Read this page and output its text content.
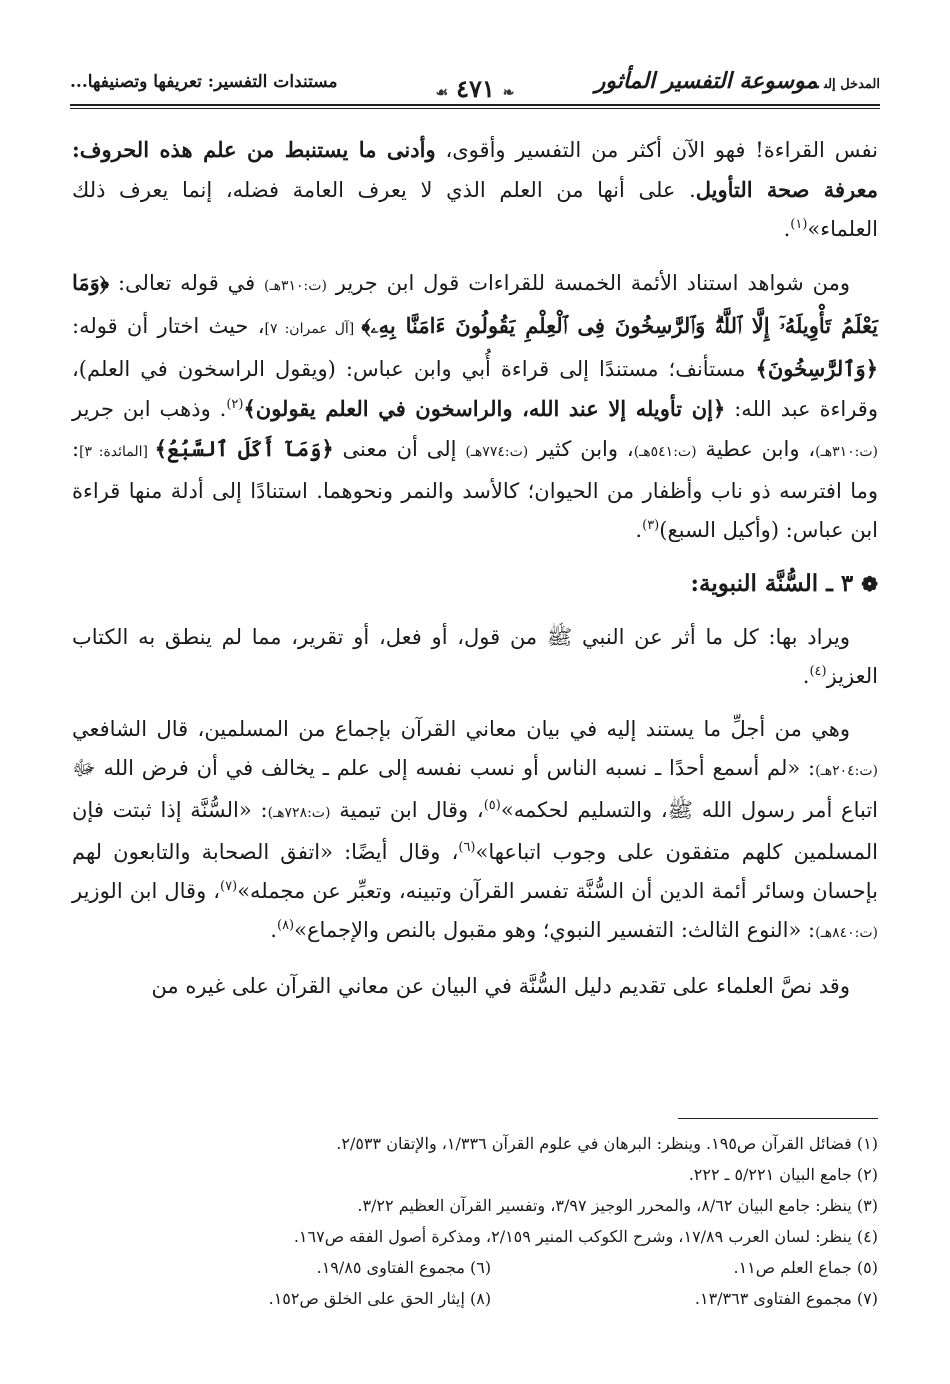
المدخل إلىموسوعة التفسير المأثور
❧٤٧١☙
مستندات التفسير: تعريفها وتصنيفها...

نفس القراءة! فهو الآن أكثر من التفسير وأقوى، وأدنى ما يستنبط من علم هذه الحروف: معرفة صحة التأويل. على أنها من العلم الذي لا يعرف العامة فضله، إنما يعرف ذلك العلماء»$^{(١)}$.

ومن شواهد استناد الأئمة الخمسة للقراءات قول ابن جرير (ت:٣١٠هـ) في قوله تعالى: ﴿وَمَا يَعْلَمُ تَأْوِيلَهُۥٓ إِلَّا ٱللَّهُۗ وَٱلرَّٰسِخُونَ فِى ٱلْعِلْمِ يَقُولُونَ ءَامَنَّا بِهِۦ﴾ [آل عمران: ٧]، حيث اختار أن قوله: ﴿وَٱلرَّٰسِخُونَ﴾ مستأنف؛ مستندًا إلى قراءة أُبي وابن عباس: (ويقول الراسخون في العلم)، وقراءة عبد الله: ﴿إن تأويله إلا عند الله، والراسخون في العلم يقولون﴾$^{(٢)}$. وذهب ابن جرير (ت:٣١٠هـ)، وابن عطية (ت:٥٤١هـ)، وابن كثير (ت:٧٧٤هـ) إلى أن معنى ﴿وَمَآ أَكَلَ ٱلسَّبُعُ﴾ [المائدة: ٣]: وما افترسه ذو ناب وأظفار من الحيوان؛ كالأسد والنمر ونحوهما. استنادًا إلى أدلة منها قراءة ابن عباس: (وأكيل السبع)$^{(٣)}$.

❁٣ ـ السُّنَّة النبوية:

ويراد بها: كل ما أثر عن النبي ﷺ من قول، أو فعل، أو تقرير، مما لم ينطق به الكتاب العزيز$^{(٤)}$.

وهي من أجلِّ ما يستند إليه في بيان معاني القرآن بإجماع من المسلمين، قال الشافعي (ت:٢٠٤هـ): «لم أسمع أحدًا ـ نسبه الناس أو نسب نفسه إلى علم ـ يخالف في أن فرض الله ﷻ اتباع أمر رسول الله ﷺ، والتسليم لحكمه»$^{(٥)}$، وقال ابن تيمية (ت:٧٢٨هـ): «السُّنَّة إذا ثبتت فإن المسلمين كلهم متفقون على وجوب اتباعها»$^{(٦)}$، وقال أيضًا: «اتفق الصحابة والتابعون لهم بإحسان وسائر أئمة الدين أن السُّنَّة تفسر القرآن وتبينه، وتعبِّر عن مجمله»$^{(٧)}$، وقال ابن الوزير (ت:٨٤٠هـ): «النوع الثالث: التفسير النبوي؛ وهو مقبول بالنص والإجماع»$^{(٨)}$.

وقد نصَّ العلماء على تقديم دليل السُّنَّة في البيان عن معاني القرآن على غيره من

(١) فضائل القرآن ص١٩٥. وينظر: البرهان في علوم القرآن ١/٣٣٦، والإتقان ٢/٥٣٣.
(٢) جامع البيان ٥/٢٢١ ـ ٢٢٢.
(٣) ينظر: جامع البيان ٨/٦٢، والمحرر الوجيز ٣/٩٧، وتفسير القرآن العظيم ٣/٢٢.
(٤) ينظر: لسان العرب ١٧/٨٩، وشرح الكوكب المنير ٢/١٥٩، ومذكرة أصول الفقه ص١٦٧.
(٥) جماع العلم ص١١.
(٦) مجموع الفتاوى ١٩/٨٥.
(٧) مجموع الفتاوى ١٣/٣٦٣.
(٨) إيثار الحق على الخلق ص١٥٢.
